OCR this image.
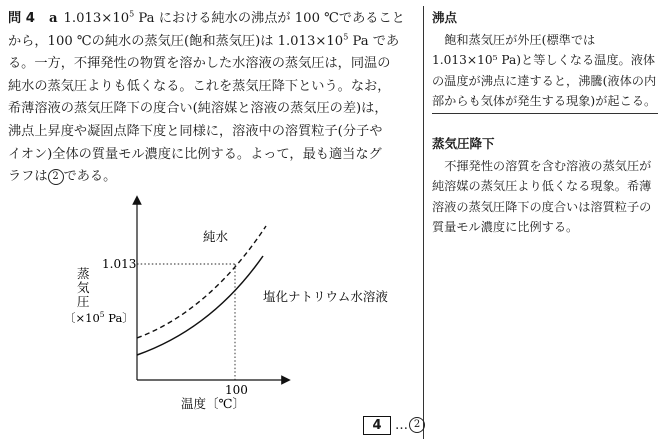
問 4 a $1.013\times 10^5$ Pa における純水の沸点が 100 ℃であること

から，100 ℃の純水の蒸気圧(飽和蒸気圧)は $1.013\times 10^5$ Pa であ

る。一方，不揮発性の物質を溶かした水溶液の蒸気圧は，同温の

純水の蒸気圧よりも低くなる。これを蒸気圧降下という。なお，

希薄溶液の蒸気圧降下の度合い(純溶媒と溶液の蒸気圧の差)は，

沸点上昇度や凝固点降下度と同様に，溶液中の溶質粒子(分子や

イオン)全体の質量モル濃度に比例する。よって，最も適当なグ

ラフは 2 である。

純水
塩化ナトリウム水溶液
1.013
100
温度〔℃〕
蒸
気
圧
〔$\times 10^5$ Pa〕
沸点

飽和蒸気圧が外圧(標準では 1.013×10⁵ Pa)と等しくなる温度。液体の温度が沸点に達すると，沸騰(液体の内部からも気体が発生する現象)が起こる。

蒸気圧降下

不揮発性の溶質を含む溶液の蒸気圧が純溶媒の蒸気圧より低くなる現象。希薄溶液の蒸気圧降下の度合いは溶質粒子の質量モル濃度に比例する。

4	… 2
